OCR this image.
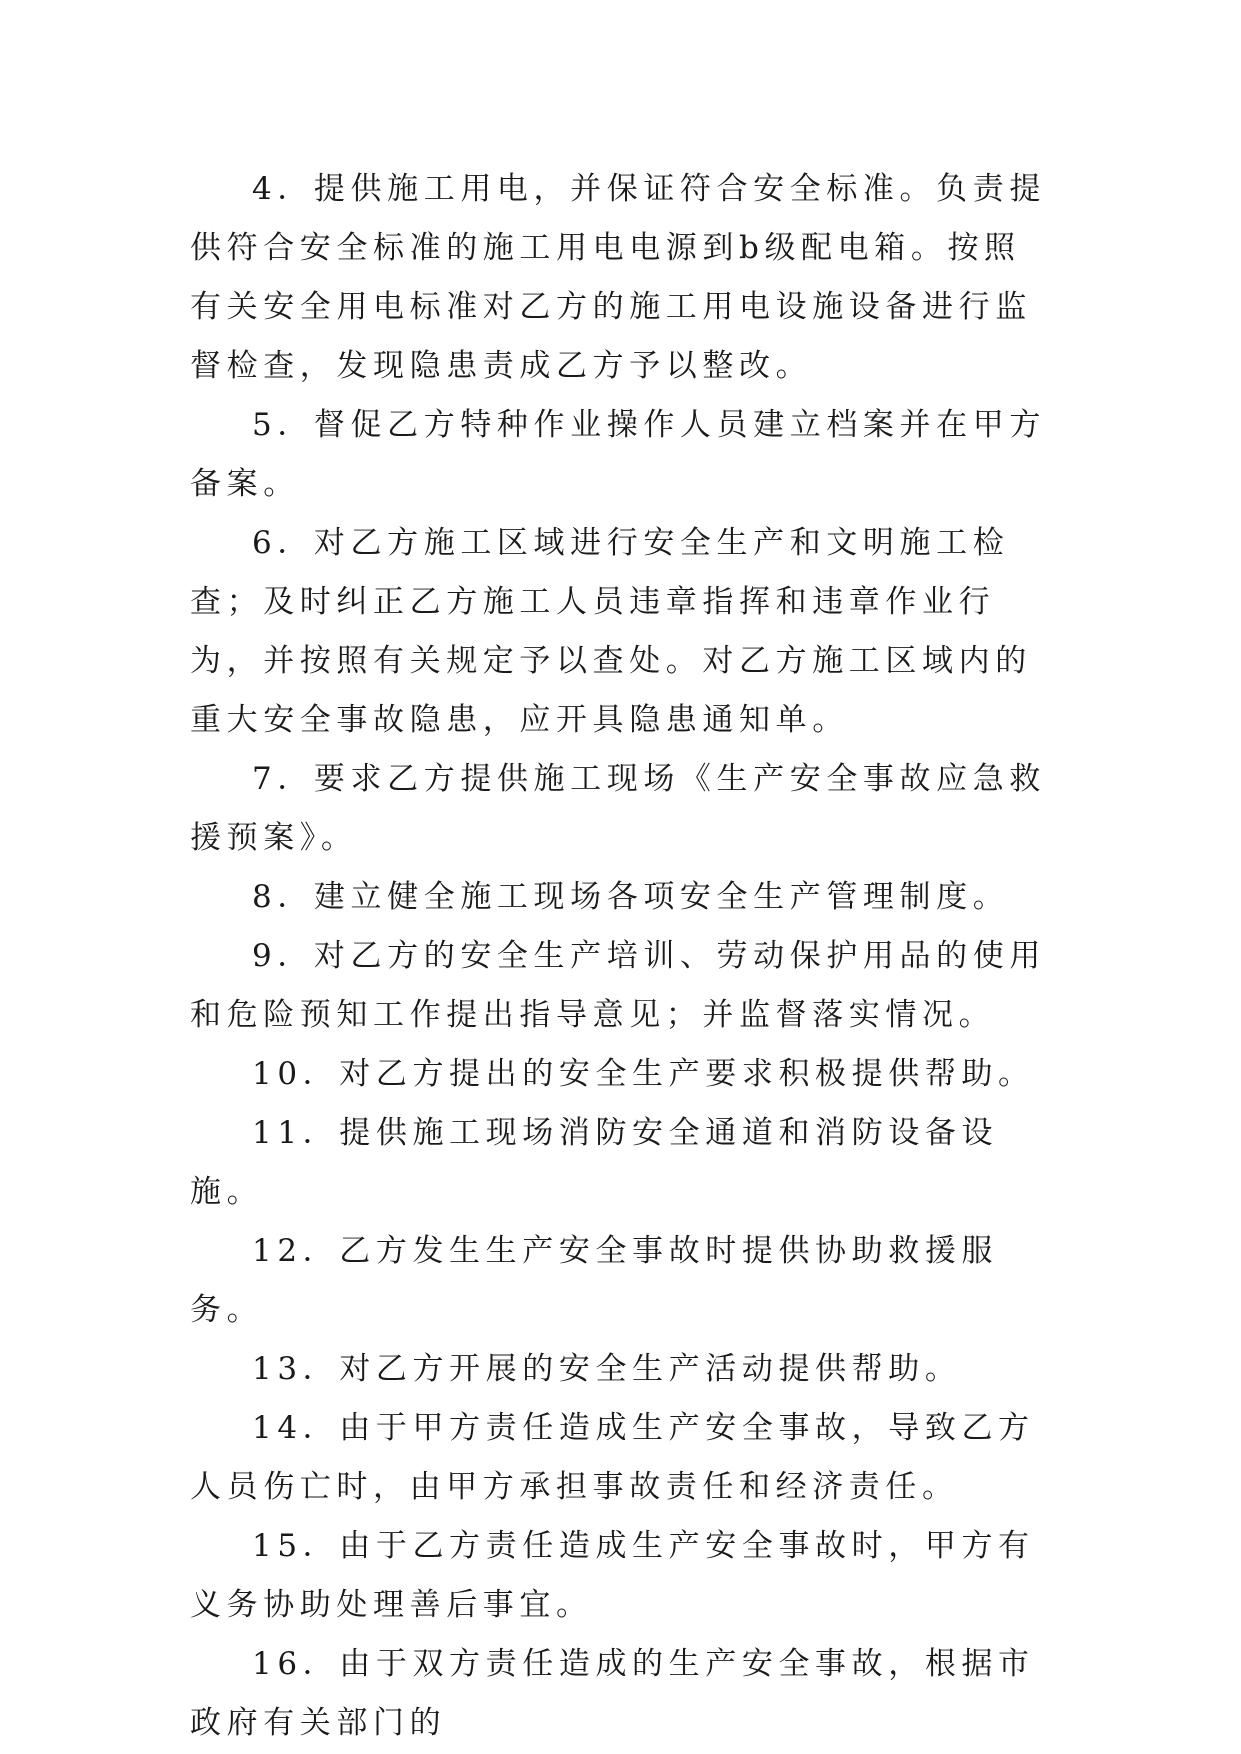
4．提供施工用电，并保证符合安全标准。负责提供符合安全标准的施工用电电源到b级配电箱。按照有关安全用电标准对乙方的施工用电设施设备进行监督检查，发现隐患责成乙方予以整改。

5．督促乙方特种作业操作人员建立档案并在甲方备案。

6．对乙方施工区域进行安全生产和文明施工检查；及时纠正乙方施工人员违章指挥和违章作业行为，并按照有关规定予以查处。对乙方施工区域内的重大安全事故隐患，应开具隐患通知单。

7．要求乙方提供施工现场《生产安全事故应急救援预案》。

8．建立健全施工现场各项安全生产管理制度。

9．对乙方的安全生产培训、劳动保护用品的使用和危险预知工作提出指导意见；并监督落实情况。

10．对乙方提出的安全生产要求积极提供帮助。

11．提供施工现场消防安全通道和消防设备设施。

12．乙方发生生产安全事故时提供协助救援服务。

13．对乙方开展的安全生产活动提供帮助。

14．由于甲方责任造成生产安全事故，导致乙方人员伤亡时，由甲方承担事故责任和经济责任。

15．由于乙方责任造成生产安全事故时，甲方有义务协助处理善后事宜。

16．由于双方责任造成的生产安全事故，根据市政府有关部门的
